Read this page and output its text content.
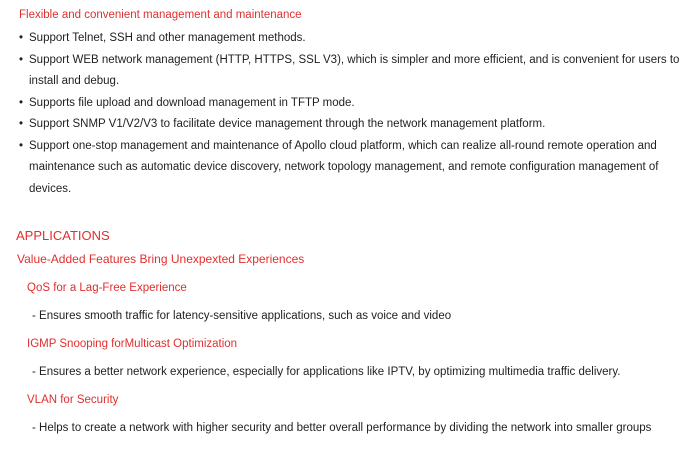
Flexible and convenient management and maintenance
• Support Telnet, SSH and other management methods.
• Support WEB network management (HTTP, HTTPS, SSL V3), which is simpler and more efficient, and is convenient for users to install and debug.
• Supports file upload and download management in TFTP mode.
• Support SNMP V1/V2/V3 to facilitate device management through the network management platform.
• Support one-stop management and maintenance of Apollo cloud platform, which can realize all-round remote operation and maintenance such as automatic device discovery, network topology management, and remote configuration management of devices.
APPLICATIONS
Value-Added Features Bring Unexpexted Experiences
QoS for a Lag-Free Experience
- Ensures smooth traffic for latency-sensitive applications, such as voice and video
IGMP Snooping forMulticast Optimization
- Ensures a better network experience, especially for applications like IPTV, by optimizing multimedia traffic delivery.
VLAN for Security
- Helps to create a network with higher security and better overall performance by dividing the network into smaller groups
